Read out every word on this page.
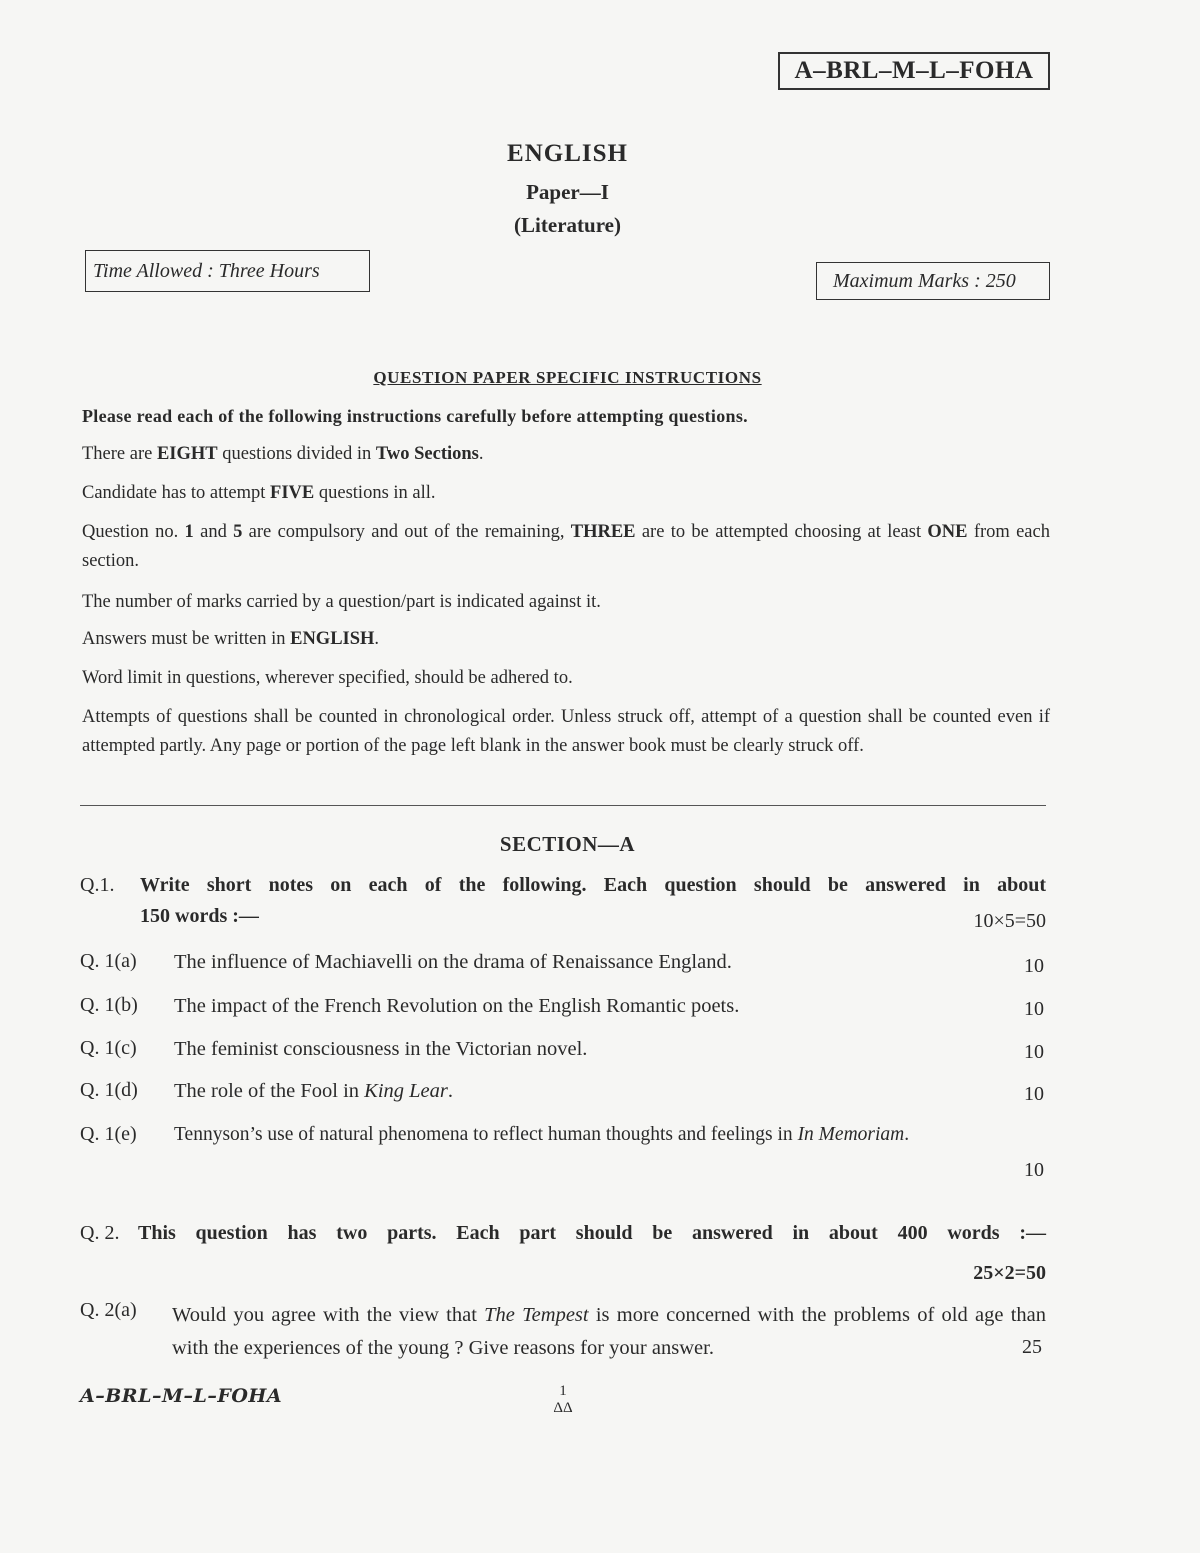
A–BRL–M–L–FOHA
ENGLISH
Paper—I
(Literature)
Time Allowed : Three Hours	Maximum Marks : 250
QUESTION PAPER SPECIFIC INSTRUCTIONS
Please read each of the following instructions carefully before attempting questions.
There are EIGHT questions divided in Two Sections.
Candidate has to attempt FIVE questions in all.
Question no. 1 and 5 are compulsory and out of the remaining, THREE are to be attempted choosing at least ONE from each section.
The number of marks carried by a question/part is indicated against it.
Answers must be written in ENGLISH.
Word limit in questions, wherever specified, should be adhered to.
Attempts of questions shall be counted in chronological order. Unless struck off, attempt of a question shall be counted even if attempted partly. Any page or portion of the page left blank in the answer book must be clearly struck off.
SECTION—A
Q.1. Write short notes on each of the following. Each question should be answered in about
150 words :—	10×5=50
Q. 1(a) The influence of Machiavelli on the drama of Renaissance England.	10
Q. 1(b) The impact of the French Revolution on the English Romantic poets.	10
Q. 1(c) The feminist consciousness in the Victorian novel.	10
Q. 1(d) The role of the Fool in King Lear.	10
Q. 1(e) Tennyson’s use of natural phenomena to reflect human thoughts and feelings in In Memoriam.
10
Q. 2. This question has two parts. Each part should be answered in about 400 words :—
25×2=50
Q. 2(a) Would you agree with the view that The Tempest is more concerned with the problems of old age than with the experiences of the young ? Give reasons for your answer.	25
A–BRL–M–L–FOHA	1
ΔΔ
